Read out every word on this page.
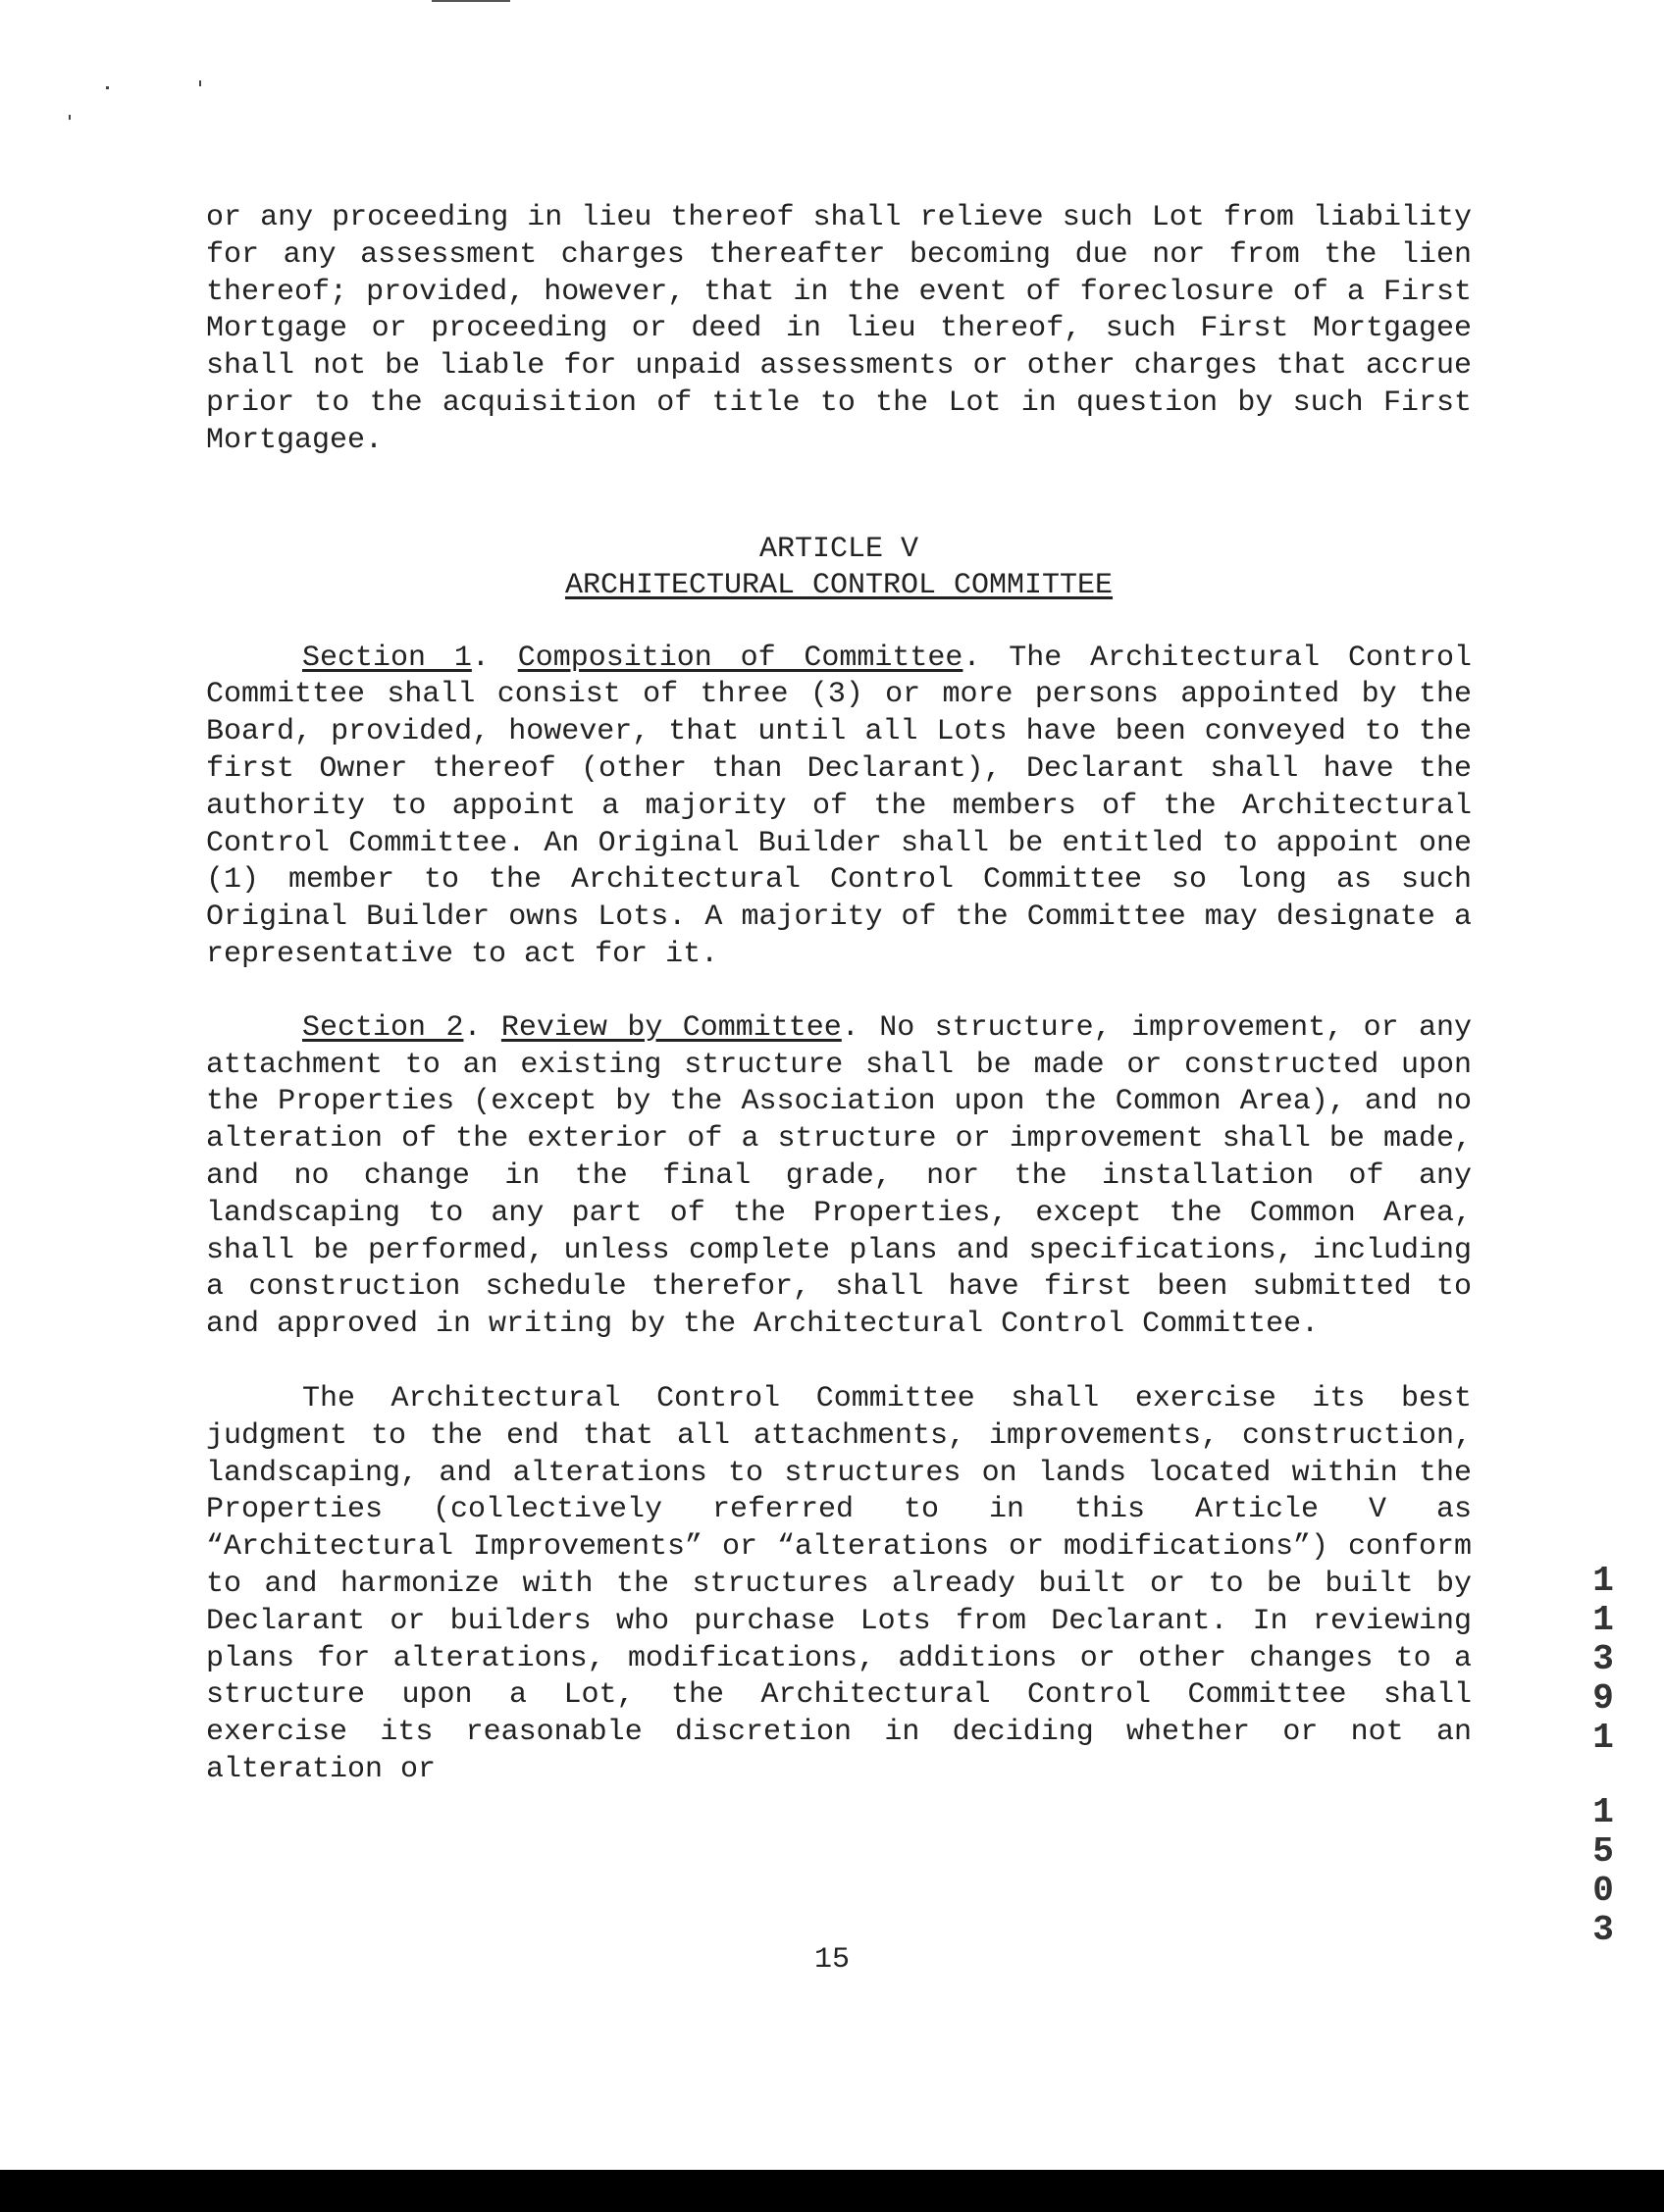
or any proceeding in lieu thereof shall relieve such Lot from liability for any assessment charges thereafter becoming due nor from the lien thereof; provided, however, that in the event of foreclosure of a First Mortgage or proceeding or deed in lieu thereof, such First Mortgagee shall not be liable for unpaid assessments or other charges that accrue prior to the acquisition of title to the Lot in question by such First Mortgagee.

ARTICLE V
ARCHITECTURAL CONTROL COMMITTEE

Section 1. Composition of Committee. The Architectural Control Committee shall consist of three (3) or more persons appointed by the Board, provided, however, that until all Lots have been conveyed to the first Owner thereof (other than Declarant), Declarant shall have the authority to appoint a majority of the members of the Architectural Control Committee. An Original Builder shall be entitled to appoint one (1) member to the Architectural Control Committee so long as such Original Builder owns Lots. A majority of the Committee may designate a representative to act for it.

Section 2. Review by Committee. No structure, improvement, or any attachment to an existing structure shall be made or constructed upon the Properties (except by the Association upon the Common Area), and no alteration of the exterior of a structure or improvement shall be made, and no change in the final grade, nor the installation of any landscaping to any part of the Properties, except the Common Area, shall be performed, unless complete plans and specifications, including a construction schedule therefor, shall have first been submitted to and approved in writing by the Architectural Control Committee.

The Architectural Control Committee shall exercise its best judgment to the end that all attachments, improvements, construction, landscaping, and alterations to structures on lands located within the Properties (collectively referred to in this Article V as “Architectural Improvements” or “alterations or modifications”) conform to and harmonize with the structures already built or to be built by Declarant or builders who purchase Lots from Declarant. In reviewing plans for alterations, modifications, additions or other changes to a structure upon a Lot, the Architectural Control Committee shall exercise its reasonable discretion in deciding whether or not an alteration or

15
1
1
3
9
1
1
5
0
3
